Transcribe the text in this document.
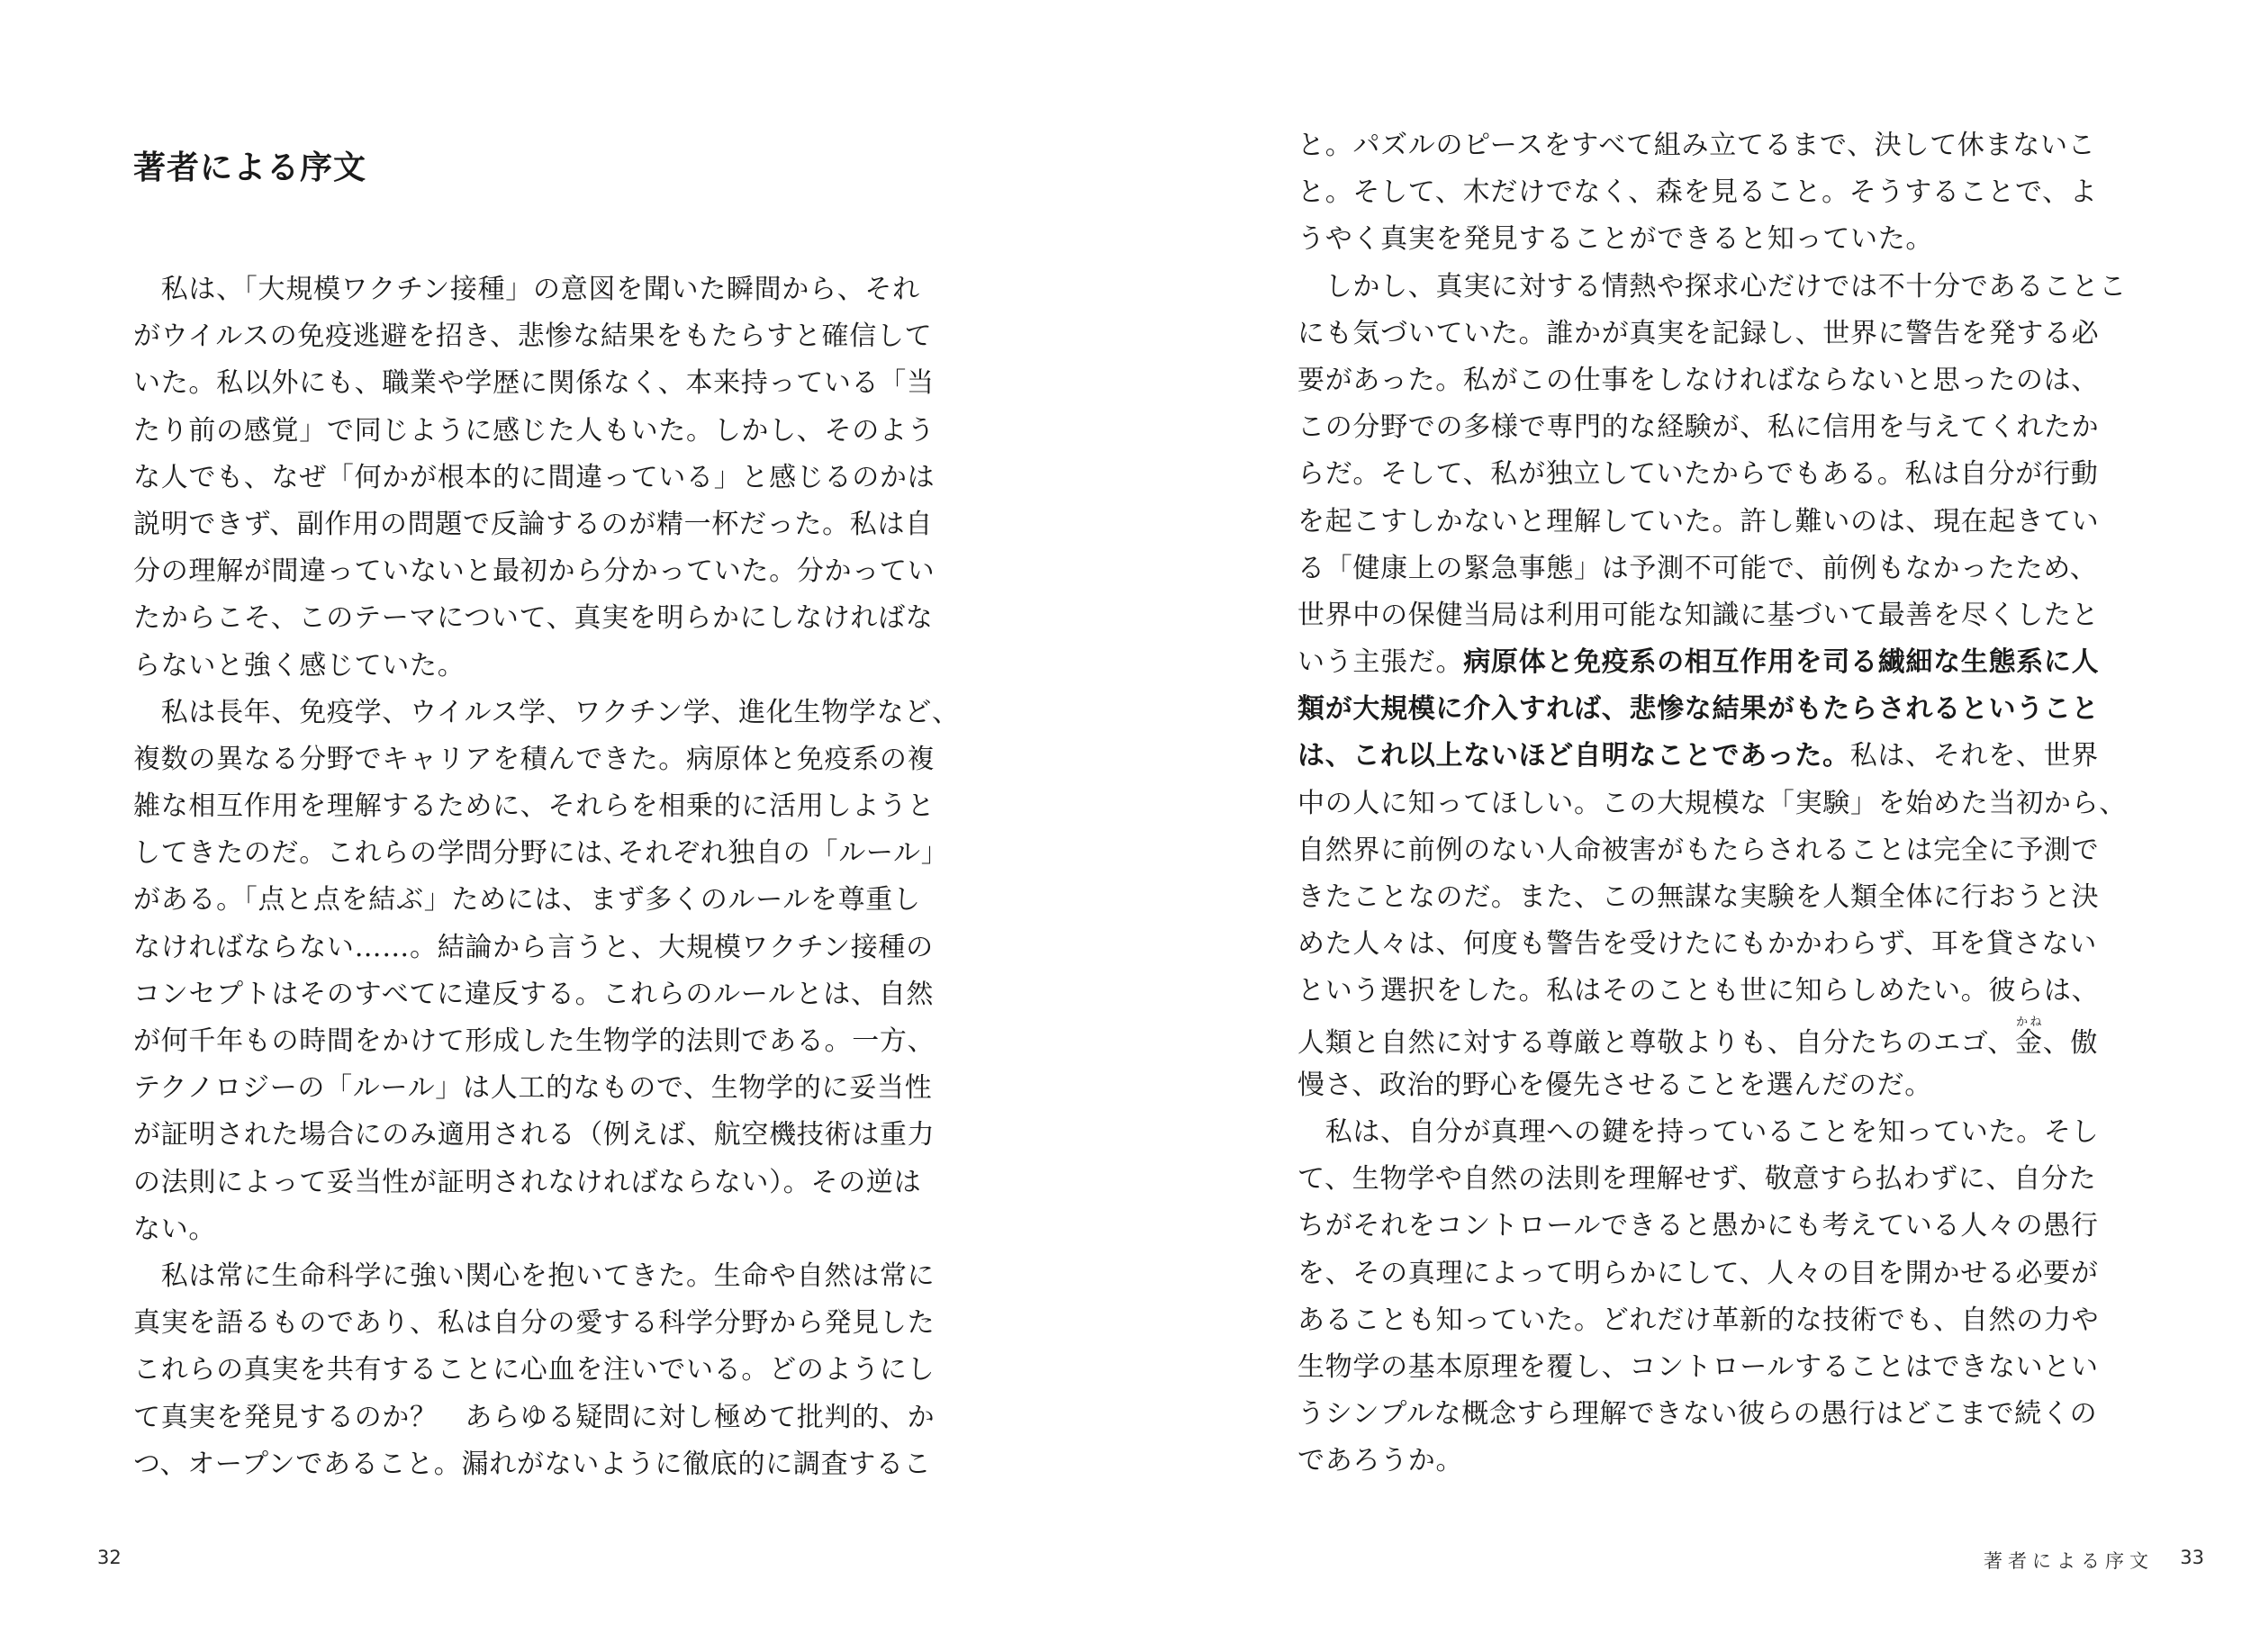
著者による序文
　私は、「大規模ワクチン接種」の意図を聞いた瞬間から、それ
がウイルスの免疫逃避を招き、悲惨な結果をもたらすと確信して
いた。私以外にも、職業や学歴に関係なく、本来持っている「当
たり前の感覚」で同じように感じた人もいた。しかし、そのよう
な人でも、なぜ「何かが根本的に間違っている」と感じるのかは
説明できず、副作用の問題で反論するのが精一杯だった。私は自
分の理解が間違っていないと最初から分かっていた。分かってい
たからこそ、このテーマについて、真実を明らかにしなければな
らないと強く感じていた。
　私は長年、免疫学、ウイルス学、ワクチン学、進化生物学など、
複数の異なる分野でキャリアを積んできた。病原体と免疫系の複
雑な相互作用を理解するために、それらを相乗的に活用しようと
してきたのだ。これらの学問分野には､それぞれ独自の「ルール」
がある。「点と点を結ぶ」ためには、まず多くのルールを尊重し
なければならない……。結論から言うと、大規模ワクチン接種の
コンセプトはそのすべてに違反する。これらのルールとは、自然
が何千年もの時間をかけて形成した生物学的法則である。一方、
テクノロジーの「ルール」は人工的なもので、生物学的に妥当性
が証明された場合にのみ適用される（例えば、航空機技術は重力
の法則によって妥当性が証明されなければならない）。その逆は
ない。
　私は常に生命科学に強い関心を抱いてきた。生命や自然は常に
真実を語るものであり、私は自分の愛する科学分野から発見した
これらの真実を共有することに心血を注いでいる。どのようにし
て真実を発見するのか？　あらゆる疑問に対し極めて批判的、か
つ、オープンであること。漏れがないように徹底的に調査するこ
32
と。パズルのピースをすべて組み立てるまで、決して休まないこ
と。そして、木だけでなく、森を見ること。そうすることで、よ
うやく真実を発見することができると知っていた。
　しかし、真実に対する情熱や探求心だけでは不十分であることこ
にも気づいていた。誰かが真実を記録し、世界に警告を発する必
要があった。私がこの仕事をしなければならないと思ったのは、
この分野での多様で専門的な経験が、私に信用を与えてくれたか
らだ。そして、私が独立していたからでもある。私は自分が行動
を起こすしかないと理解していた。許し難いのは、現在起きてい
る「健康上の緊急事態」は予測不可能で、前例もなかったため、
世界中の保健当局は利用可能な知識に基づいて最善を尽くしたと
いう主張だ。病原体と免疫系の相互作用を司る繊細な生態系に人
類が大規模に介入すれば、悲惨な結果がもたらされるということ
は、これ以上ないほど自明なことであった。私は、それを、世界
中の人に知ってほしい。この大規模な「実験」を始めた当初から、
自然界に前例のない人命被害がもたらされることは完全に予測で
きたことなのだ。また、この無謀な実験を人類全体に行おうと決
めた人々は、何度も警告を受けたにもかかわらず、耳を貸さない
という選択をした。私はそのことも世に知らしめたい。彼らは、
人類と自然に対する尊厳と尊敬よりも、自分たちのエゴ、金かね、傲
慢さ、政治的野心を優先させることを選んだのだ。
　私は、自分が真理への鍵を持っていることを知っていた。そし
て、生物学や自然の法則を理解せず、敬意すら払わずに、自分た
ちがそれをコントロールできると愚かにも考えている人々の愚行
を、その真理によって明らかにして、人々の目を開かせる必要が
あることも知っていた。どれだけ革新的な技術でも、自然の力や
生物学の基本原理を覆し、コントロールすることはできないとい
うシンプルな概念すら理解できない彼らの愚行はどこまで続くの
であろうか。
著者による序文 33
